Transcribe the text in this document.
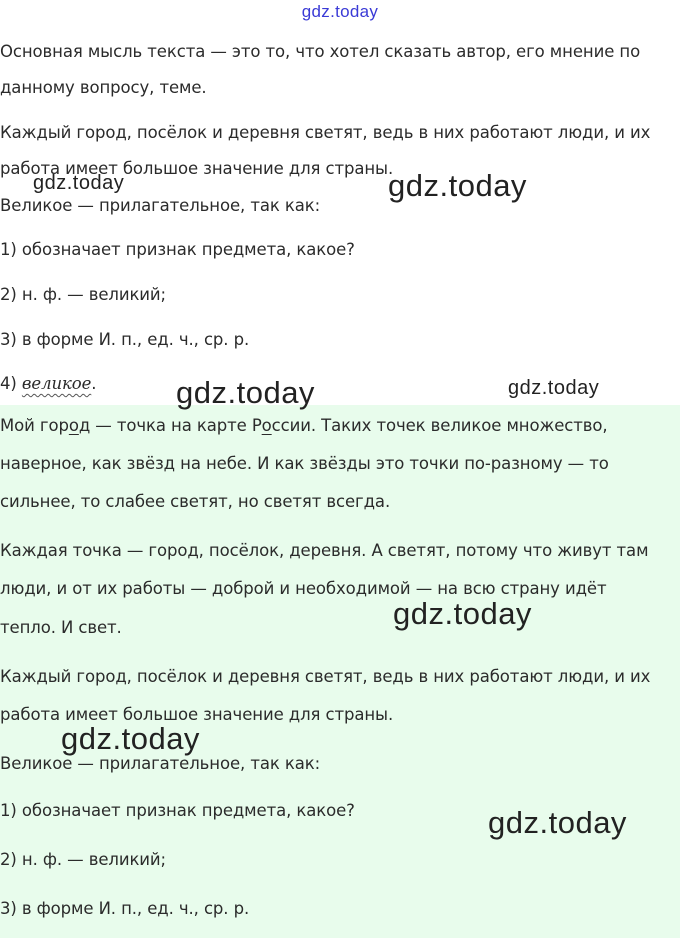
gdz.today
Основная мысль текста — это то, что хотел сказать автор, его мнение по
данному вопросу, теме.
Каждый город, посёлок и деревня светят, ведь в них работают люди, и их
работа имеет большое значение для страны.
Великое — прилагательное, так как:
1) обозначает признак предмета, какое?
2) н. ф. — великий;
3) в форме И. п., ед. ч., ср. р.
4) великое.
Мой город — точка на карте России. Таких точек великое множество,
наверное, как звёзд на небе. И как звёзды это точки по-разному — то
сильнее, то слабее светят, но светят всегда.
Каждая точка — город, посёлок, деревня. А светят, потому что живут там
люди, и от их работы — доброй и необходимой — на всю страну идёт
тепло. И свет.
Каждый город, посёлок и деревня светят, ведь в них работают люди, и их
работа имеет большое значение для страны.
Великое — прилагательное, так как:
1) обозначает признак предмета, какое?
2) н. ф. — великий;
3) в форме И. п., ед. ч., ср. р.
gdz.today	gdz.today
gdz.today	gdz.today
gdz.today
gdz.today
gdz.today
